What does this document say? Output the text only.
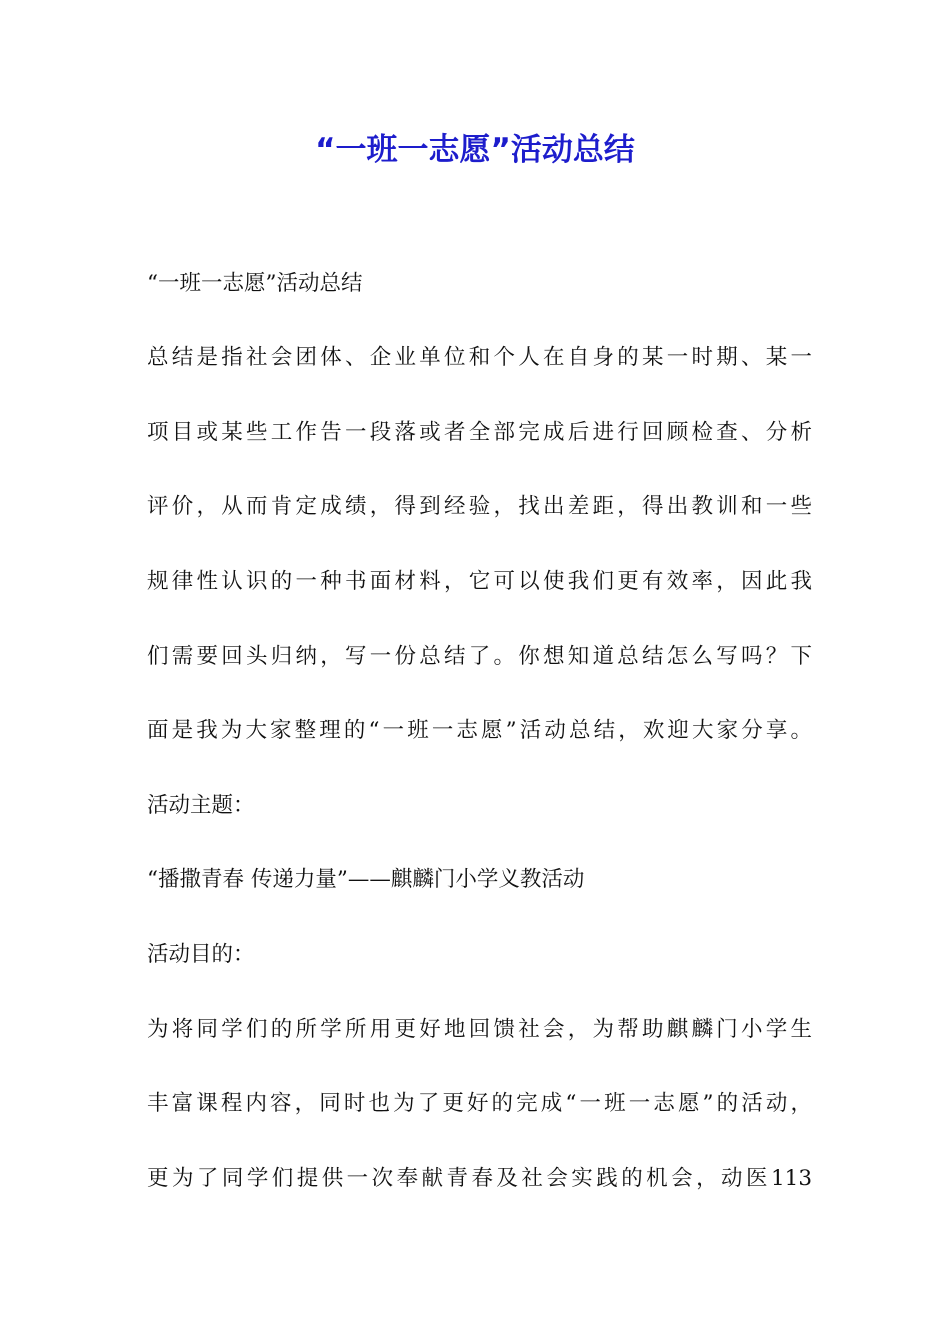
“一班一志愿”活动总结
“一班一志愿”活动总结
总结是指社会团体、企业单位和个人在自身的某一时期、某一
项目或某些工作告一段落或者全部完成后进行回顾检查、分析
评价，从而肯定成绩，得到经验，找出差距，得出教训和一些
规律性认识的一种书面材料，它可以使我们更有效率，因此我
们需要回头归纳，写一份总结了。你想知道总结怎么写吗？下
面是我为大家整理的“一班一志愿”活动总结，欢迎大家分享。
活动主题：
“播撒青春 传递力量”——麒麟门小学义教活动
活动目的：
为将同学们的所学所用更好地回馈社会，为帮助麒麟门小学生
丰富课程内容，同时也为了更好的完成“一班一志愿”的活动，
更为了同学们提供一次奉献青春及社会实践的机会，动医113
